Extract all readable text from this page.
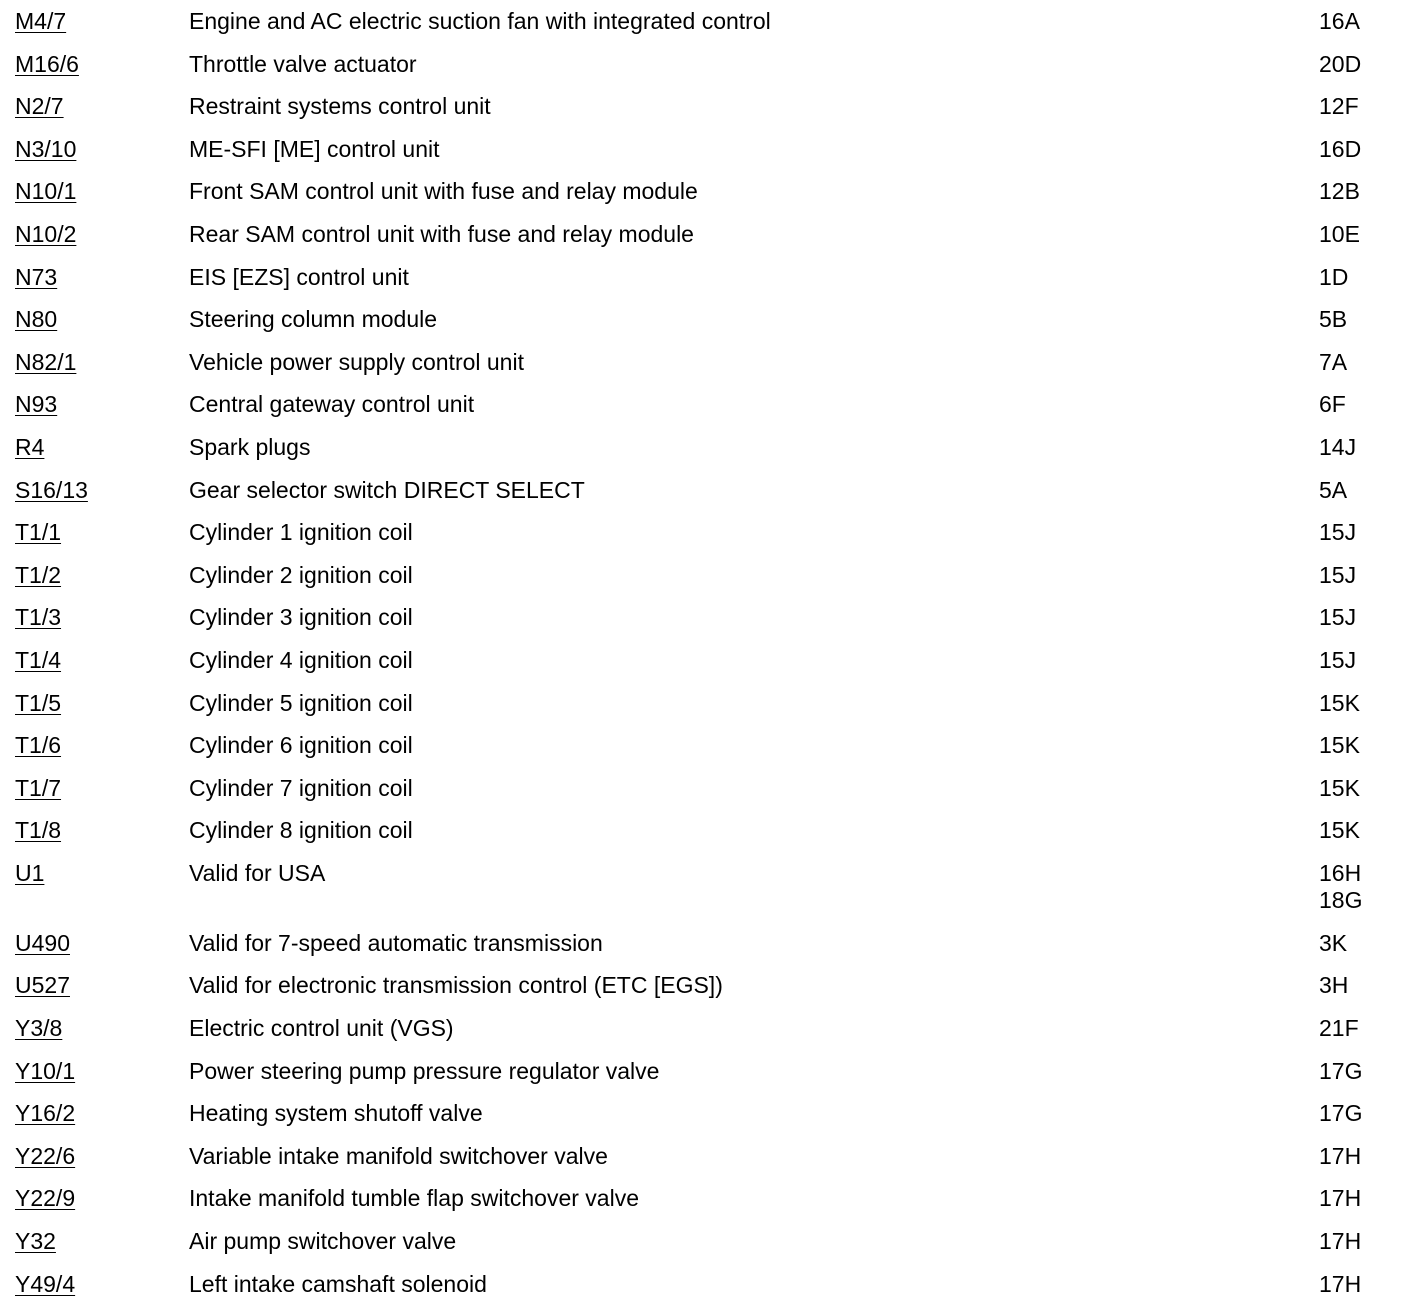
M4/7	Engine and AC electric suction fan with integrated control	16A
M16/6	Throttle valve actuator	20D
N2/7	Restraint systems control unit	12F
N3/10	ME-SFI [ME] control unit	16D
N10/1	Front SAM control unit with fuse and relay module	12B
N10/2	Rear SAM control unit with fuse and relay module	10E
N73	EIS [EZS] control unit	1D
N80	Steering column module	5B
N82/1	Vehicle power supply control unit	7A
N93	Central gateway control unit	6F
R4	Spark plugs	14J
S16/13	Gear selector switch DIRECT SELECT	5A
T1/1	Cylinder 1 ignition coil	15J
T1/2	Cylinder 2 ignition coil	15J
T1/3	Cylinder 3 ignition coil	15J
T1/4	Cylinder 4 ignition coil	15J
T1/5	Cylinder 5 ignition coil	15K
T1/6	Cylinder 6 ignition coil	15K
T1/7	Cylinder 7 ignition coil	15K
T1/8	Cylinder 8 ignition coil	15K
U1	Valid for USA	16H
18G
U490	Valid for 7-speed automatic transmission	3K
U527	Valid for electronic transmission control (ETC [EGS])	3H
Y3/8	Electric control unit (VGS)	21F
Y10/1	Power steering pump pressure regulator valve	17G
Y16/2	Heating system shutoff valve	17G
Y22/6	Variable intake manifold switchover valve	17H
Y22/9	Intake manifold tumble flap switchover valve	17H
Y32	Air pump switchover valve	17H
Y49/4	Left intake camshaft solenoid	17H
